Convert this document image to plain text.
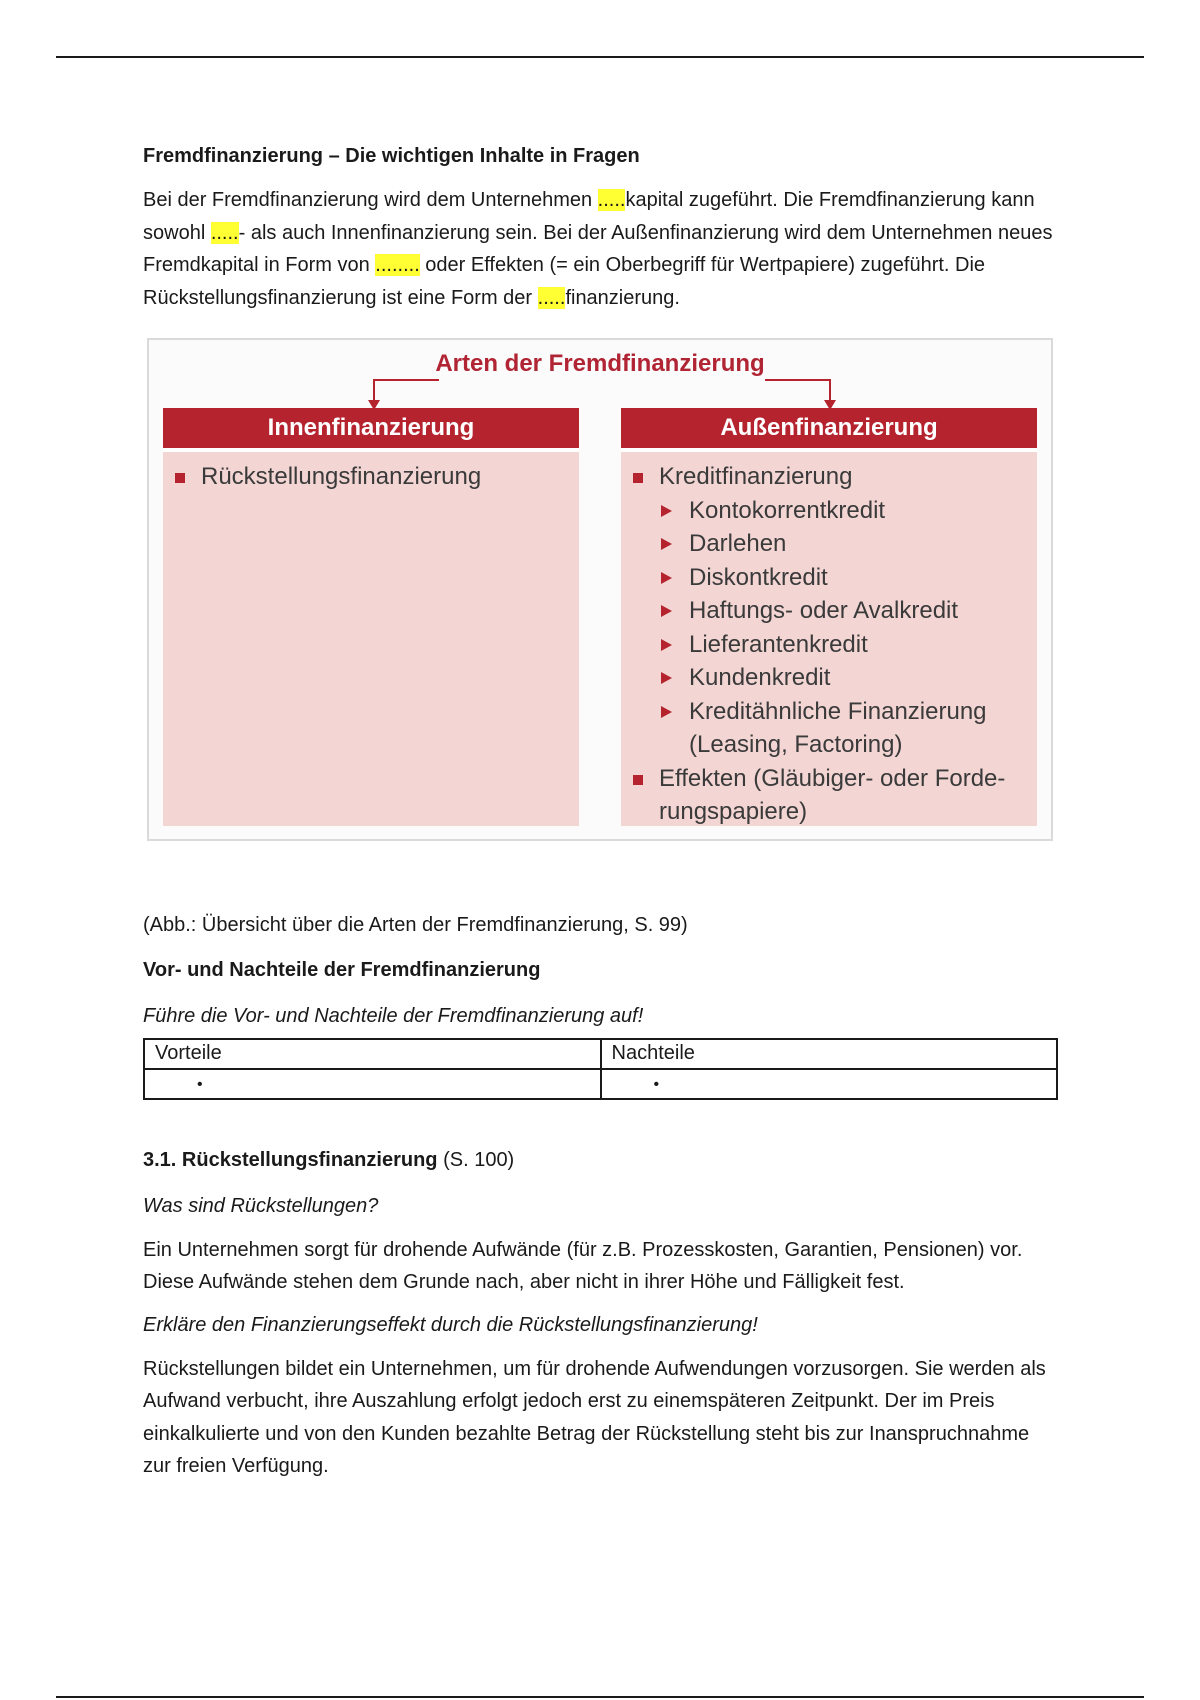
Fremdfinanzierung – Die wichtigen Inhalte in Fragen

Bei der Fremdfinanzierung wird dem Unternehmen .....kapital zugeführt. Die Fremdfinanzierung kann sowohl .....- als auch Innenfinanzierung sein. Bei der Außenfinanzierung wird dem Unternehmen neues Fremdkapital in Form von ........ oder Effekten (= ein Oberbegriff für Wertpapiere) zugeführt. Die Rückstellungsfinanzierung ist eine Form der .....finanzierung.

Arten der Fremdfinanzierung
Innenfinanzierung
Rückstellungsfinanzierung
Außenfinanzierung
Kreditfinanzierung
Kontokorrentkredit
Darlehen
Diskontkredit
Haftungs- oder Avalkredit
Lieferantenkredit
Kundenkredit
Kreditähnliche Finanzierung (Leasing, Factoring)
Effekten (Gläubiger- oder Forde-rungspapiere)

(Abb.: Übersicht über die Arten der Fremdfinanzierung, S. 99)

Vor- und Nachteile der Fremdfinanzierung

Führe die Vor- und Nachteile der Fremdfinanzierung auf!

Vorteile	Nachteile
•	•

3.1. Rückstellungsfinanzierung (S. 100)

Was sind Rückstellungen?

Ein Unternehmen sorgt für drohende Aufwände (für z.B. Prozesskosten, Garantien, Pensionen) vor. Diese Aufwände stehen dem Grunde nach, aber nicht in ihrer Höhe und Fälligkeit fest.

Erkläre den Finanzierungseffekt durch die Rückstellungsfinanzierung!

Rückstellungen bildet ein Unternehmen, um für drohende Aufwendungen vorzusorgen. Sie werden als Aufwand verbucht, ihre Auszahlung erfolgt jedoch erst zu einemspäteren Zeitpunkt. Der im Preis einkalkulierte und von den Kunden bezahlte Betrag der Rückstellung steht bis zur Inanspruchnahme zur freien Verfügung.
